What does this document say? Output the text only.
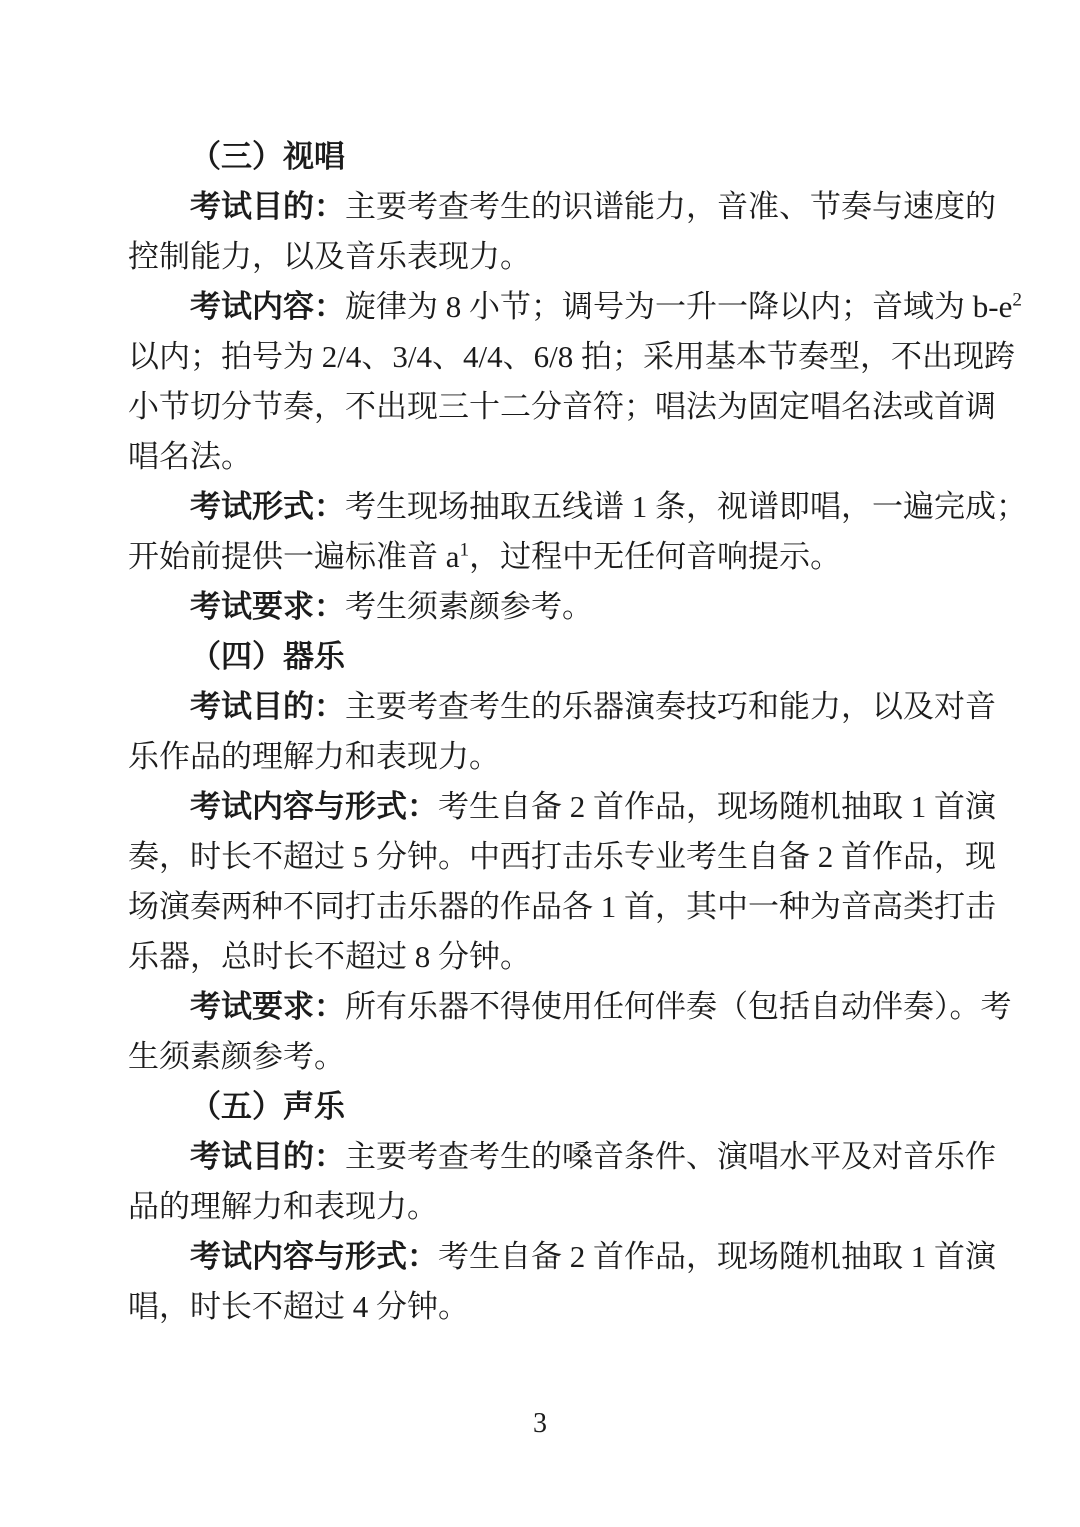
（三）视唱
考试目的：主要考查考生的识谱能力，音准、节奏与速度的
控制能力，以及音乐表现力。
考试内容：旋律为 8 小节；调号为一升一降以内；音域为 $b-e^2$
以内；拍号为 2/4、3/4、4/4、6/8 拍；采用基本节奏型，不出现跨
小节切分节奏，不出现三十二分音符；唱法为固定唱名法或首调
唱名法。
考试形式：考生现场抽取五线谱 1 条，视谱即唱，一遍完成；
开始前提供一遍标准音 $a^1$，过程中无任何音响提示。
考试要求：考生须素颜参考。
（四）器乐
考试目的：主要考查考生的乐器演奏技巧和能力，以及对音
乐作品的理解力和表现力。
考试内容与形式：考生自备 2 首作品，现场随机抽取 1 首演
奏，时长不超过 5 分钟。中西打击乐专业考生自备 2 首作品，现
场演奏两种不同打击乐器的作品各 1 首，其中一种为音高类打击
乐器，总时长不超过 8 分钟。
考试要求：所有乐器不得使用任何伴奏（包括自动伴奏）。考
生须素颜参考。
（五）声乐
考试目的：主要考查考生的嗓音条件、演唱水平及对音乐作
品的理解力和表现力。
考试内容与形式：考生自备 2 首作品，现场随机抽取 1 首演
唱，时长不超过 4 分钟。
3
